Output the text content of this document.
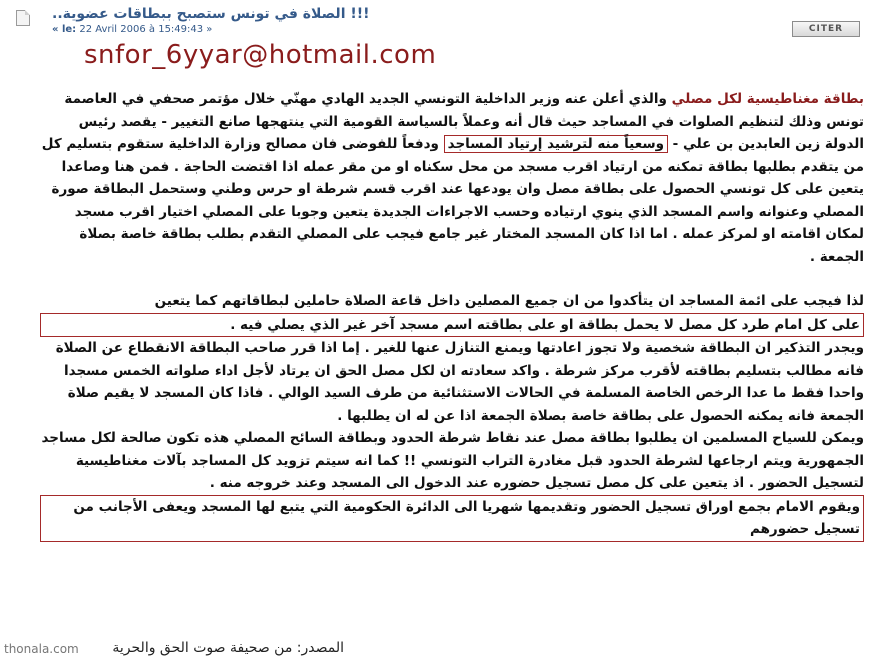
!!! الصلاة في تونس ستصبح ببطاقات عضوية..
« le: 22 Avril 2006 à 15:49:43 »	CITER
snfor_6yyar@hotmail.com

بطاقة مغناطيسية لكل مصلي والذي أعلن عنه وزير الداخلية التونسي الجديد الهادي مهنّي خلال مؤتمر صحفي في العاصمة تونس وذلك لتنظيم الصلوات في المساجد حيث قال أنه وعملاً بالسياسة القومية التي ينتهجها صانع التغيير - يقصد رئيس الدولة زين العابدين بن علي - وسعياً منه لترشيد إرتياد المساجد ودفعاً للفوضى فان مصالح وزارة الداخلية ستقوم بتسليم كل من يتقدم بطلبها بطاقة تمكنه من ارتياد اقرب مسجد من محل سكناه او من مقر عمله اذا اقتضت الحاجة . فمن هنا وصاعدا يتعين على كل تونسي الحصول على بطاقة مصل وان يودعها عند اقرب قسم شرطة او حرس وطني وستحمل البطاقة صورة المصلي وعنوانه واسم المسجد الذي ينوي ارتياده وحسب الاجراءات الجديدة يتعين وجوبا على المصلي اختيار اقرب مسجد لمكان اقامته او لمركز عمله . اما اذا كان المسجد المختار غير جامع فيجب على المصلي التقدم بطلب بطاقة خاصة بصلاة الجمعة .

لذا فيجب على ائمة المساجد ان يتأكدوا من ان جميع المصلين داخل قاعة الصلاة حاملين لبطاقاتهم كما يتعين
على كل امام طرد كل مصل لا يحمل بطاقة او على بطاقته اسم مسجد آخر غير الذي يصلي فيه .
ويجدر التذكير ان البطاقة شخصية ولا تجوز اعادتها ويمنع التنازل عنها للغير . إما اذا قرر صاحب البطاقة الانقطاع عن الصلاة فانه مطالب بتسليم بطاقته لأقرب مركز شرطة . واكد سعادته ان لكل مصل الحق ان يرتاد لأجل اداء صلواته الخمس مسجدا واحدا فقط ما عدا الرخص الخاصة المسلمة في الحالات الاستثنائية من طرف السيد الوالي . فاذا كان المسجد لا يقيم صلاة الجمعة فانه يمكنه الحصول على بطاقة خاصة بصلاة الجمعة اذا عن له ان يطلبها .

ويمكن للسياح المسلمين ان يطلبوا بطاقة مصل عند نقاط شرطة الحدود وبطاقة السائح المصلي هذه تكون صالحة لكل مساجد الجمهورية ويتم ارجاعها لشرطة الحدود قبل مغادرة التراب التونسي !! كما انه سيتم تزويد كل المساجد بآلات مغناطيسية لتسجيل الحضور . اذ يتعين على كل مصل تسجيل حضوره عند الدخول الى المسجد وعند خروجه منه .
ويقوم الامام بجمع اوراق تسجيل الحضور وتقديمها شهريا الى الدائرة الحكومية التي يتبع لها المسجد ويعفى الأجانب من تسجيل حضورهم

thonala.com	المصدر: من صحيفة صوت الحق والحرية
